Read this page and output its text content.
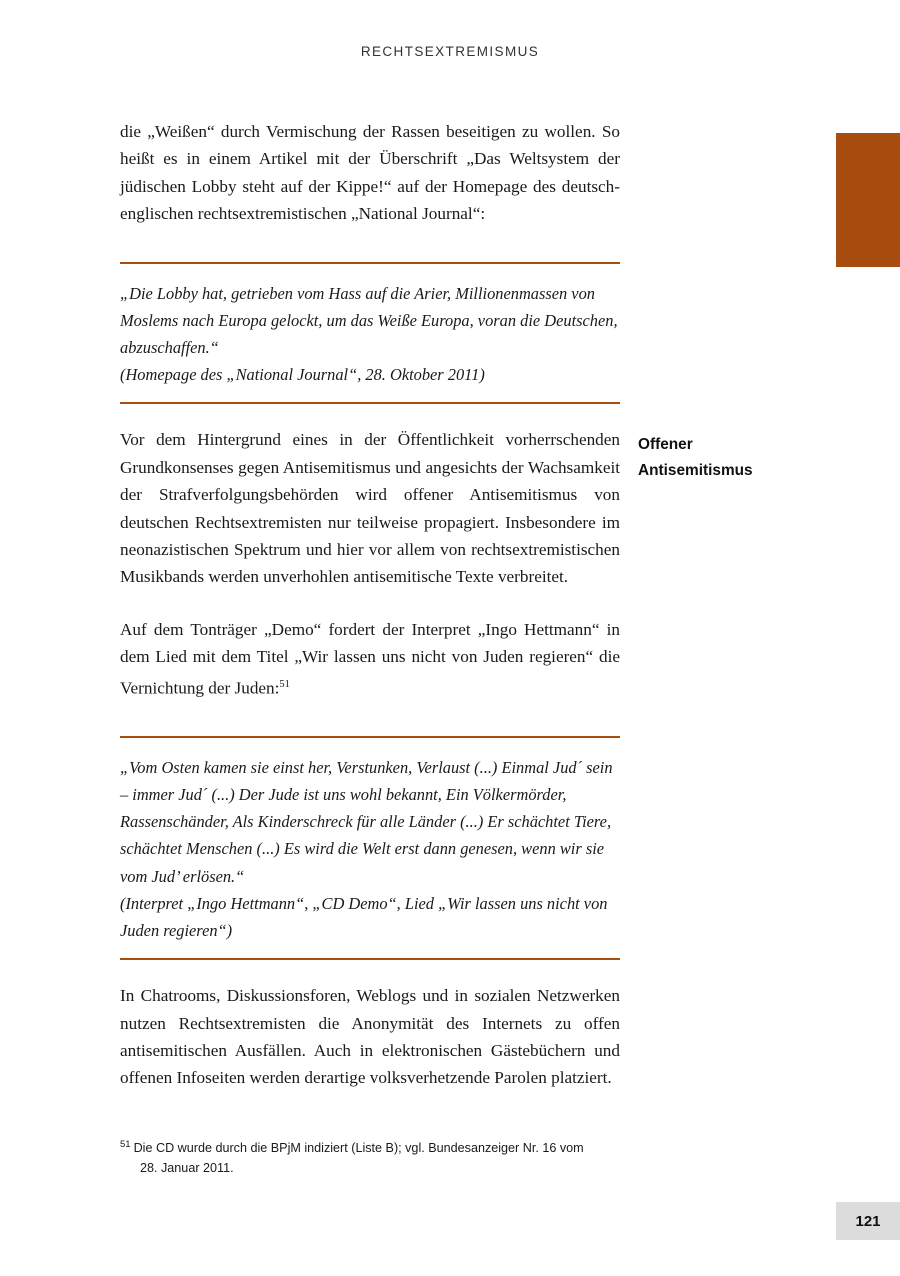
RECHTSEXTREMISMUS

die „Weißen“ durch Vermischung der Rassen beseitigen zu wollen. So heißt es in einem Artikel mit der Überschrift „Das Weltsystem der jüdischen Lobby steht auf der Kippe!“ auf der Homepage des deutsch-englischen rechtsextremistischen „National Journal“:

„Die Lobby hat, getrieben vom Hass auf die Arier, Millionenmassen von Moslems nach Europa gelockt, um das Weiße Europa, voran die Deutschen, abzuschaffen.“

(Homepage des „National Journal“, 28. Oktober 2011)

Vor dem Hintergrund eines in der Öffentlichkeit vorherrschenden Grundkonsenses gegen Antisemitismus und angesichts der Wachsamkeit der Strafverfolgungsbehörden wird offener Antisemitismus von deutschen Rechtsextremisten nur teilweise propagiert. Insbesondere im neonazistischen Spektrum und hier vor allem von rechtsextremistischen Musikbands werden unverhohlen antisemitische Texte verbreitet.

Auf dem Tonträger „Demo“ fordert der Interpret „Ingo Hettmann“ in dem Lied mit dem Titel „Wir lassen uns nicht von Juden regieren“ die Vernichtung der Juden:$^{51}$

„Vom Osten kamen sie einst her, Verstunken, Verlaust (...) Einmal Jud´ sein – immer Jud´ (...) Der Jude ist uns wohl bekannt, Ein Völkermörder, Rassenschänder, Als Kinderschreck für alle Länder (...) Er schächtet Tiere, schächtet Menschen (...) Es wird die Welt erst dann genesen, wenn wir sie vom Jud’ erlösen.“

(Interpret „Ingo Hettmann“, „CD Demo“, Lied „Wir lassen uns nicht von Juden regieren“)

In Chatrooms, Diskussionsforen, Weblogs und in sozialen Netzwerken nutzen Rechtsextremisten die Anonymität des Internets zu offen antisemitischen Ausfällen. Auch in elektronischen Gästebüchern und offenen Infoseiten werden derartige volksverhetzende Parolen platziert.

Offener
Antisemitismus
$^{51}$ Die CD wurde durch die BPjM indiziert (Liste B); vgl. Bundesanzeiger Nr. 16 vom
28. Januar 2011.
121
